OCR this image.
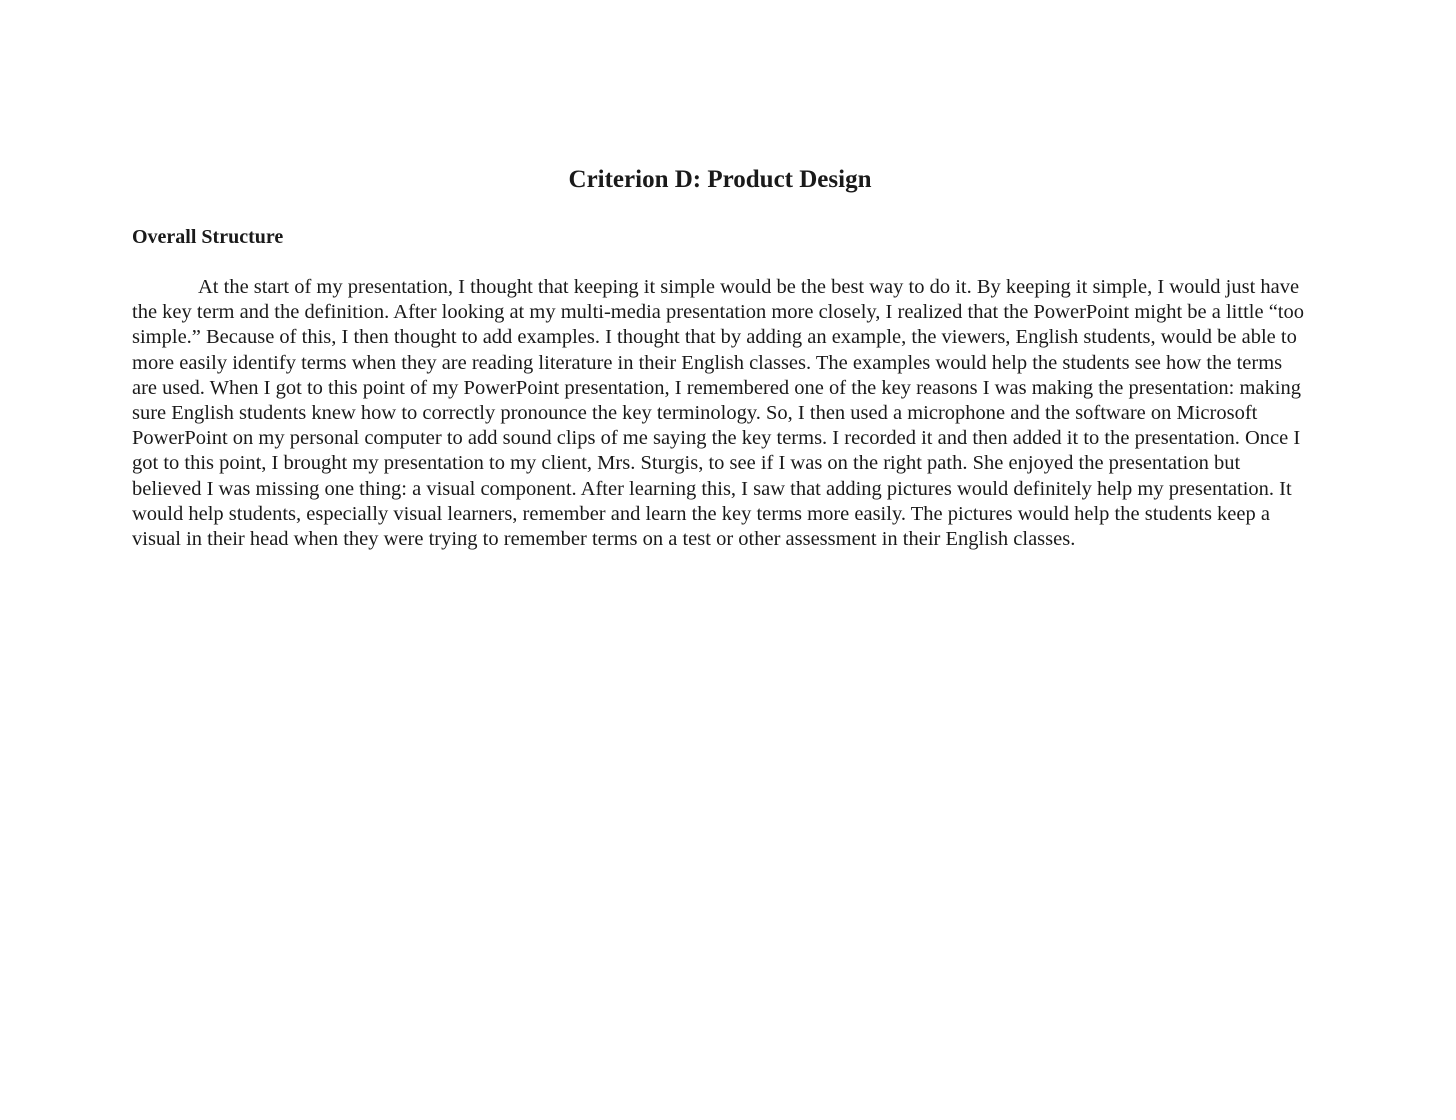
Criterion D: Product Design
Overall Structure

At the start of my presentation, I thought that keeping it simple would be the best way to do it. By keeping it simple, I would just have the key term and the definition. After looking at my multi-media presentation more closely, I realized that the PowerPoint might be a little “too simple.” Because of this, I then thought to add examples. I thought that by adding an example, the viewers, English students, would be able to more easily identify terms when they are reading literature in their English classes. The examples would help the students see how the terms are used. When I got to this point of my PowerPoint presentation, I remembered one of the key reasons I was making the presentation: making sure English students knew how to correctly pronounce the key terminology. So, I then used a microphone and the software on Microsoft PowerPoint on my personal computer to add sound clips of me saying the key terms. I recorded it and then added it to the presentation. Once I got to this point, I brought my presentation to my client, Mrs. Sturgis, to see if I was on the right path. She enjoyed the presentation but believed I was missing one thing: a visual component. After learning this, I saw that adding pictures would definitely help my presentation. It would help students, especially visual learners, remember and learn the key terms more easily. The pictures would help the students keep a visual in their head when they were trying to remember terms on a test or other assessment in their English classes.
